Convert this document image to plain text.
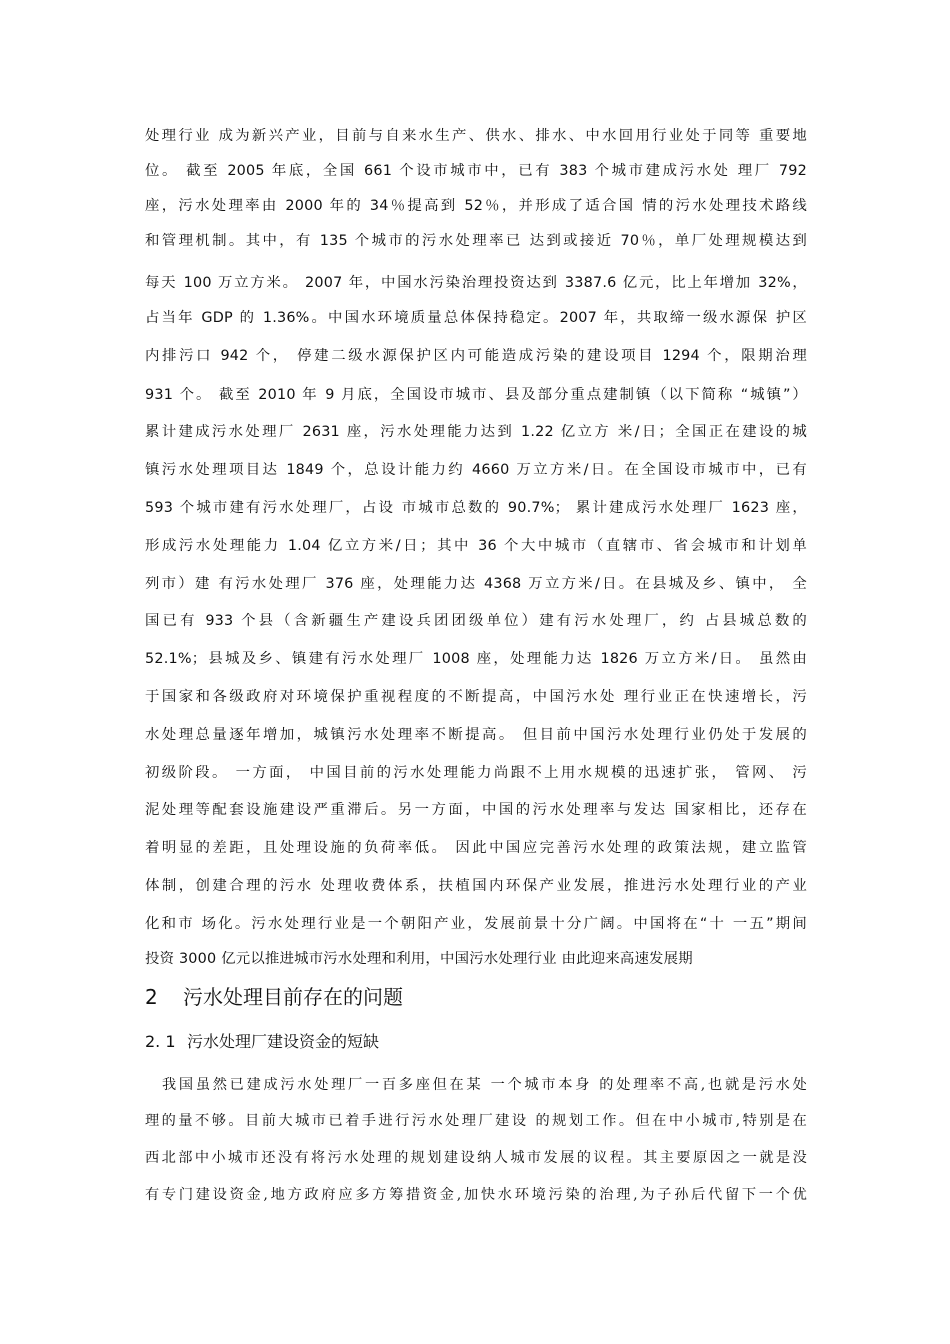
处理行业 成为新兴产业，目前与自来水生产、供水、排水、中水回用行业处于同等 重要地
位。 截至 2005 年底，全国 661 个设市城市中，已有 383 个城市建成污水处 理厂 792
座，污水处理率由 2000 年的 34％提高到 52％，并形成了适合国 情的污水处理技术路线
和管理机制。其中，有 135 个城市的污水处理率已 达到或接近 70％，单厂处理规模达到
每天 100 万立方米。 2007 年，中国水污染治理投资达到 3387.6 亿元，比上年增加 32%，
占当年 GDP 的 1.36%。中国水环境质量总体保持稳定。2007 年，共取缔一级水源保 护区
内排污口 942 个， 停建二级水源保护区内可能造成污染的建设项目 1294 个，限期治理
931 个。 截至 2010 年 9 月底，全国设市城市、县及部分重点建制镇（以下简称 “城镇”）
累计建成污水处理厂 2631 座，污水处理能力达到 1.22 亿立方 米/日；全国正在建设的城
镇污水处理项目达 1849 个，总设计能力约 4660 万立方米/日。在全国设市城市中，已有
593 个城市建有污水处理厂，占设 市城市总数的 90.7%； 累计建成污水处理厂 1623 座，
形成污水处理能力 1.04 亿立方米/日；其中 36 个大中城市（直辖市、省会城市和计划单
列市）建 有污水处理厂 376 座，处理能力达 4368 万立方米/日。在县城及乡、镇中， 全
国已有 933 个县（含新疆生产建设兵团团级单位）建有污水处理厂，约 占县城总数的
52.1%；县城及乡、镇建有污水处理厂 1008 座，处理能力达 1826 万立方米/日。 虽然由
于国家和各级政府对环境保护重视程度的不断提高，中国污水处 理行业正在快速增长，污
水处理总量逐年增加，城镇污水处理率不断提高。 但目前中国污水处理行业仍处于发展的
初级阶段。 一方面， 中国目前的污水处理能力尚跟不上用水规模的迅速扩张， 管网、 污
泥处理等配套设施建设严重滞后。另一方面，中国的污水处理率与发达 国家相比，还存在
着明显的差距，且处理设施的负荷率低。 因此中国应完善污水处理的政策法规，建立监管
体制，创建合理的污水 处理收费体系，扶植国内环保产业发展，推进污水处理行业的产业
化和市 场化。污水处理行业是一个朝阳产业，发展前景十分广阔。中国将在“十 一五”期间
投资 3000 亿元以推进城市污水处理和利用，中国污水处理行业 由此迎来高速发展期
2 污水处理目前存在的问题
2. 1 污水处理厂建设资金的短缺
我国虽然已建成污水处理厂一百多座但在某 一个城市本身 的处理率不高,也就是污水处
理的量不够。目前大城市已着手进行污水处理厂建设 的规划工作。但在中小城市,特别是在
西北部中小城市还没有将污水处理的规划建设纳人城市发展的议程。其主要原因之一就是没
有专门建设资金,地方政府应多方筹措资金,加快水环境污染的治理,为子孙后代留下一个优
